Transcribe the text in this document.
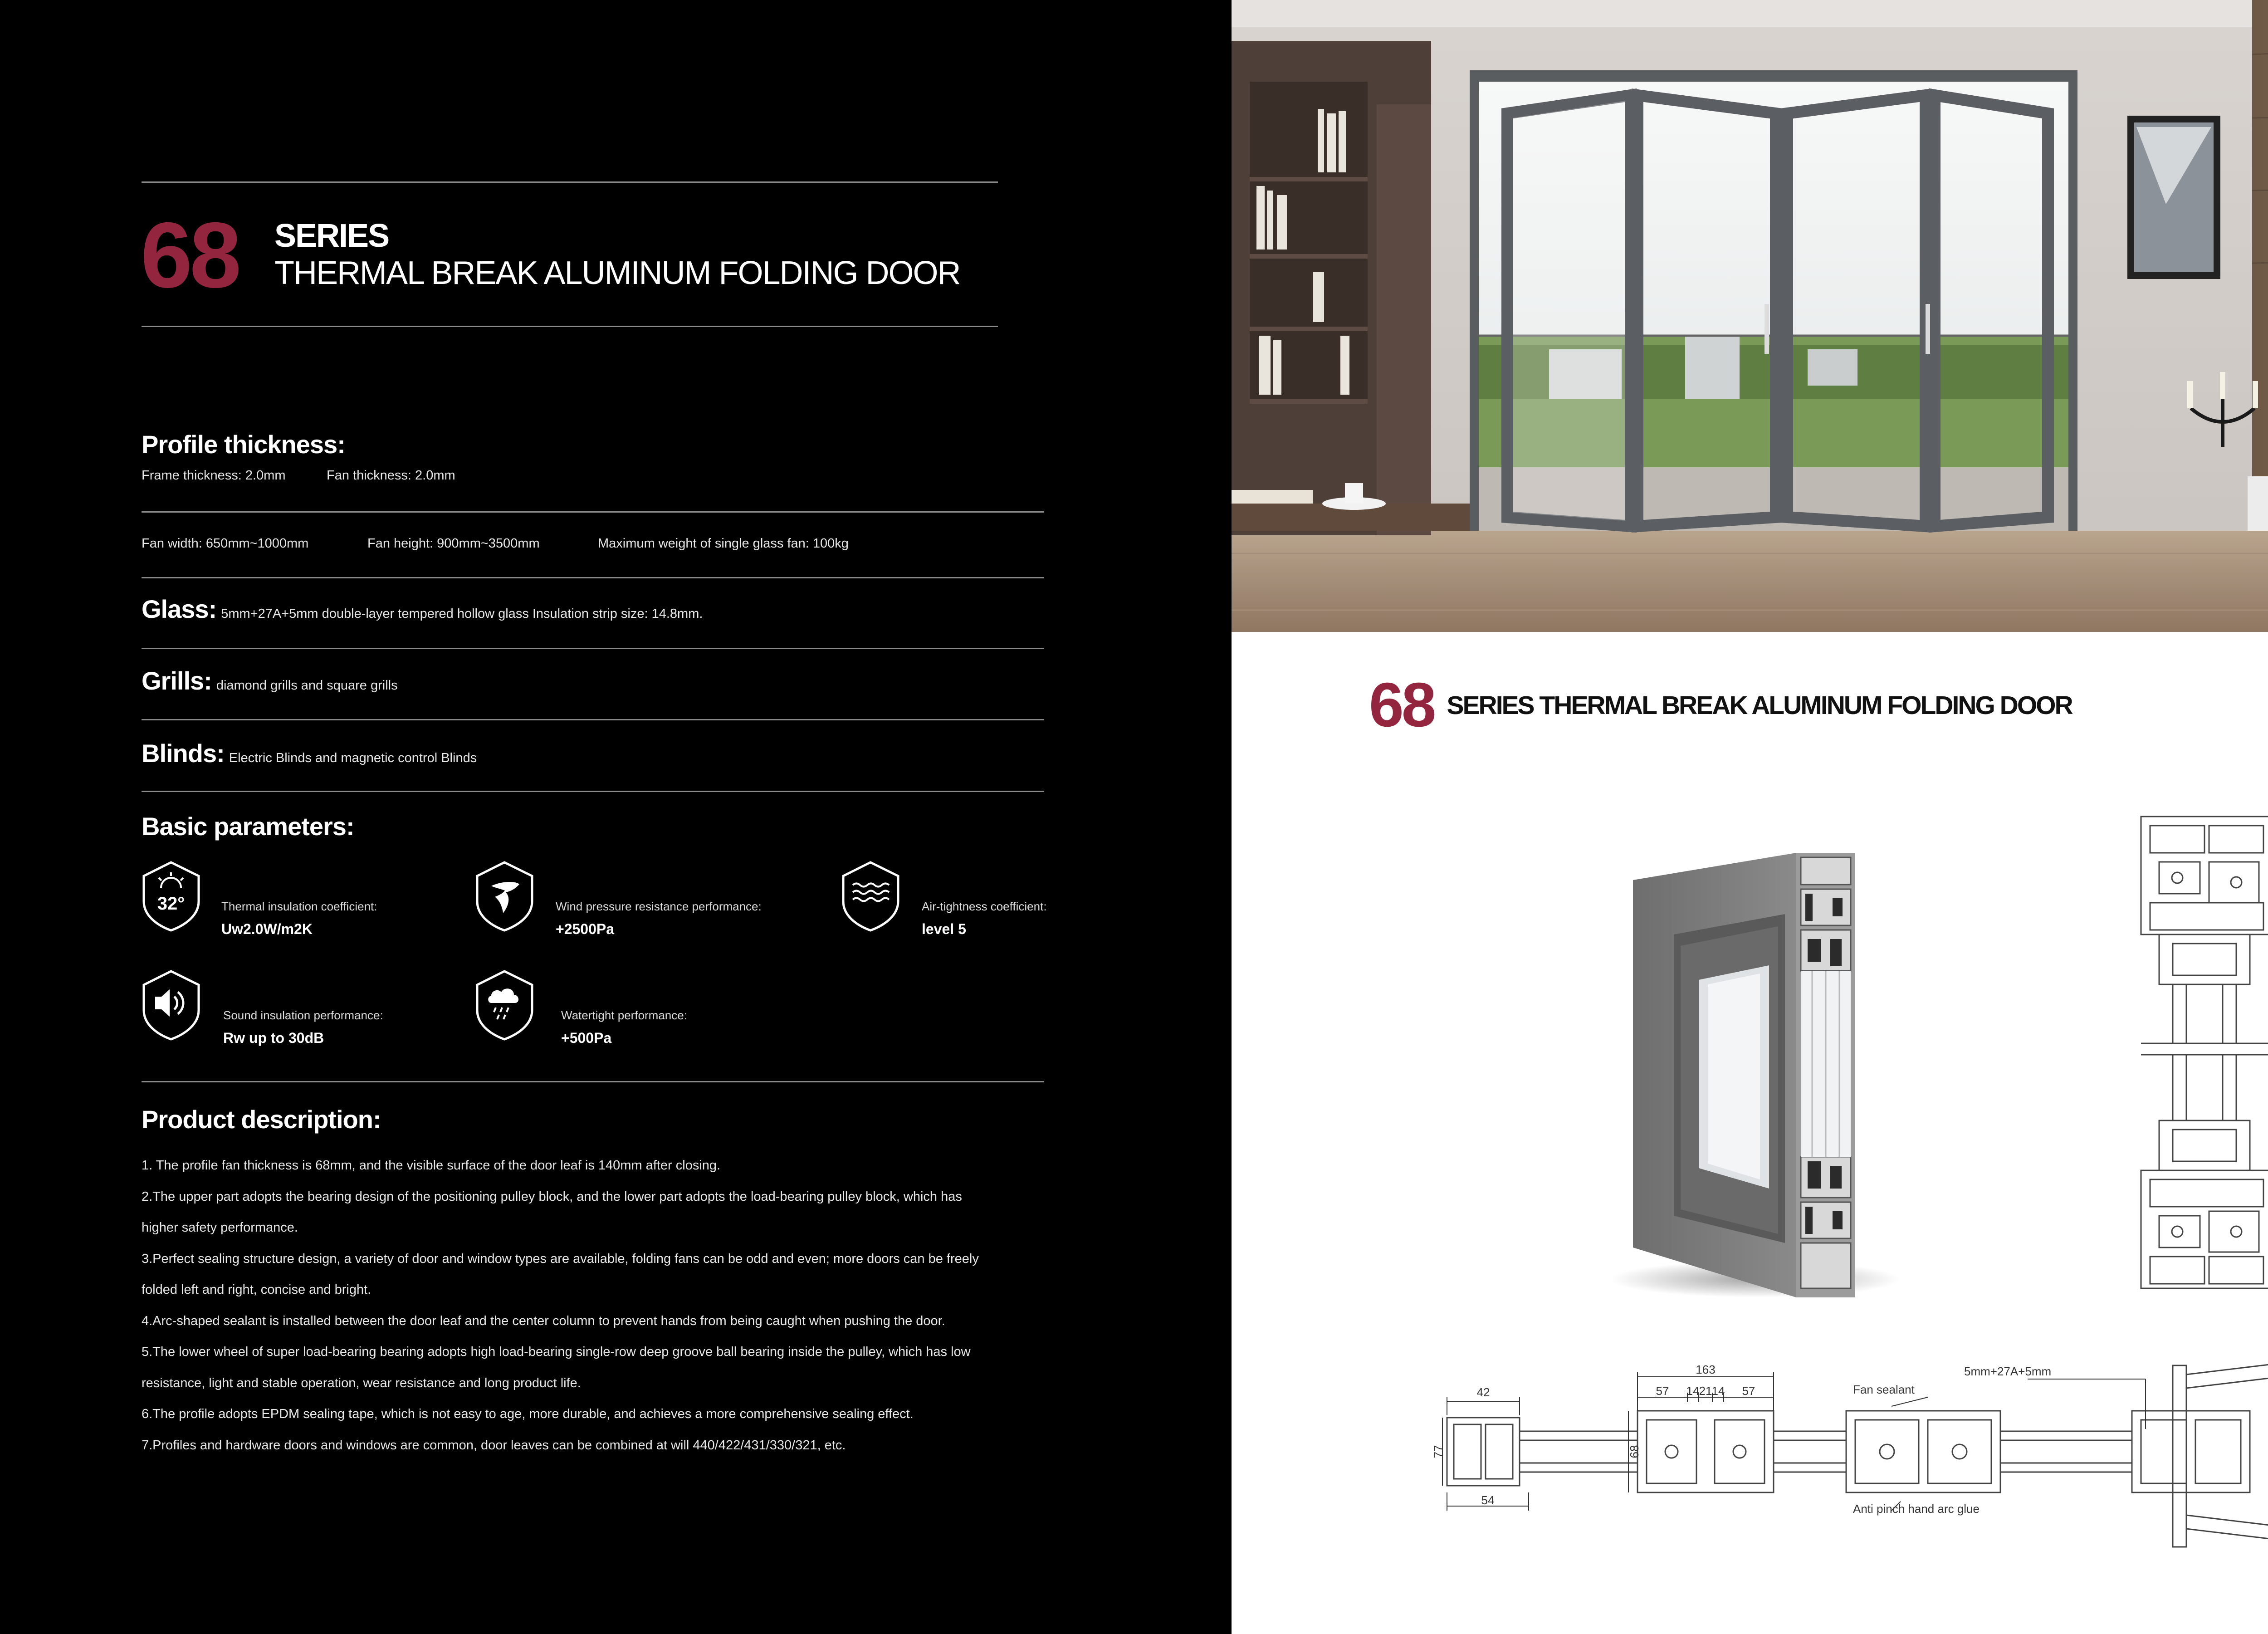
68 SERIES
THERMAL BREAK ALUMINUM FOLDING DOOR
Profile thickness:
Frame thickness: 2.0mm	Fan thickness: 2.0mm
Fan width: 650mm~1000mm	Fan height: 900mm~3500mm	Maximum weight of single glass fan: 100kg
Glass: 5mm+27A+5mm double-layer tempered hollow glass Insulation strip size: 14.8mm.
Grills: diamond grills and square grills
Blinds: Electric Blinds and magnetic control Blinds
Basic parameters:
32°	Thermal insulation coefficient:
Uw2.0W/m2K
Wind pressure resistance performance:
+2500Pa
Air-tightness coefficient:
level 5
Sound insulation performance:
Rw up to 30dB
Watertight performance:
+500Pa
Product description:

1. The profile fan thickness is 68mm, and the visible surface of the door leaf is 140mm after closing.

2.The upper part adopts the bearing design of the positioning pulley block, and the lower part adopts the load-bearing pulley block, which has

higher safety performance.

3.Perfect sealing structure design, a variety of door and window types are available, folding fans can be odd and even; more doors can be freely

folded left and right, concise and bright.

4.Arc-shaped sealant is installed between the door leaf and the center column to prevent hands from being caught when pushing the door.

5.The lower wheel of super load-bearing bearing adopts high load-bearing single-row deep groove ball bearing inside the pulley, which has low

resistance, light and stable operation, wear resistance and long product life.

6.The profile adopts EPDM sealing tape, which is not easy to age, more durable, and achieves a more comprehensive sealing effect.

7.Profiles and hardware doors and windows are common, door leaves can be combined at will 440/422/431/330/321, etc.

68 SERIES THERMAL BREAK ALUMINUM FOLDING DOOR
42
77
54
163
57 14 21 14 57
68
Fan sealant
5mm+27A+5mm
Anti pinch hand arc glue
